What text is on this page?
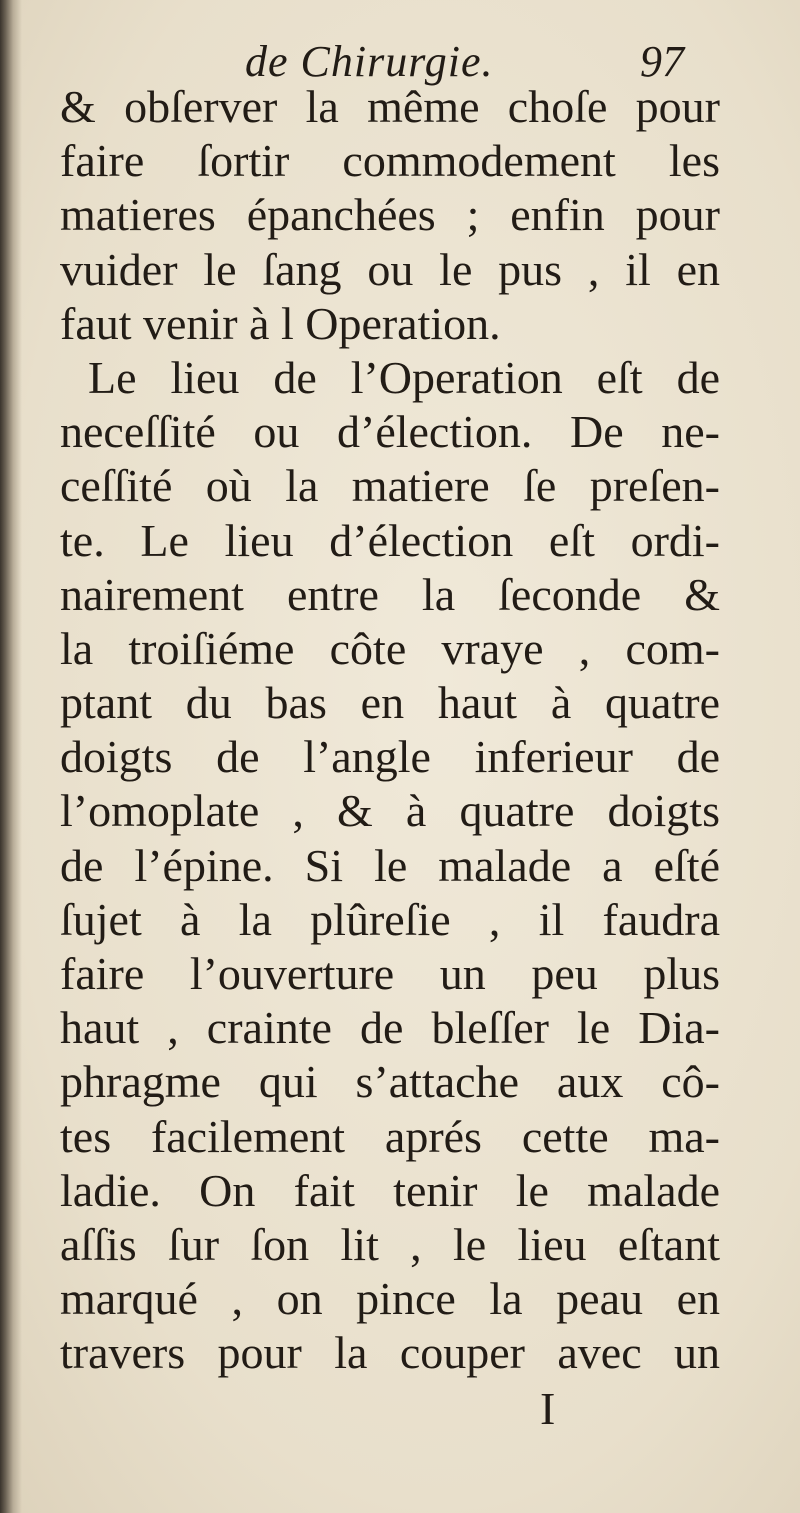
de Chirurgie.	97
& obſerver la même choſe pour
faire ſortir commodement les
matieres épanchées ; enfin pour
vuider le ſang ou le pus , il en
faut venir à l Operation.
Le lieu de l’Operation eſt de
neceſſité ou d’élection. De ne-
ceſſité où la matiere ſe preſen-
te. Le lieu d’élection eſt ordi-
nairement entre la ſeconde &
la troiſiéme côte vraye , com-
ptant du bas en haut à quatre
doigts de l’angle inferieur de
l’omoplate , & à quatre doigts
de l’épine. Si le malade a eſté
ſujet à la plûreſie , il faudra
faire l’ouverture un peu plus
haut , crainte de bleſſer le Dia-
phragme qui s’attache aux cô-
tes facilement aprés cette ma-
ladie. On fait tenir le malade
aſſis ſur ſon lit , le lieu eſtant
marqué , on pince la peau en
travers pour la couper avec un
I
